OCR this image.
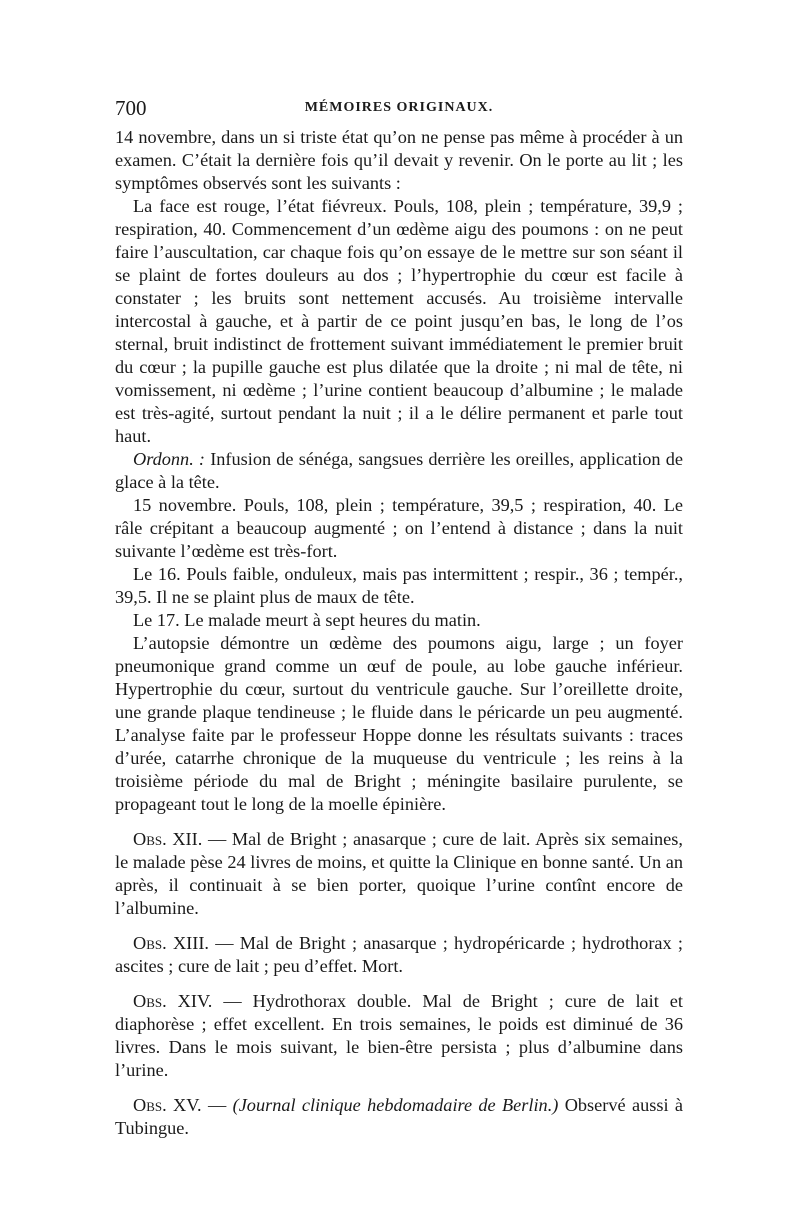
700	MÉMOIRES ORIGINAUX.

14 novembre, dans un si triste état qu’on ne pense pas même à procéder à un examen. C’était la dernière fois qu’il devait y revenir. On le porte au lit ; les symptômes observés sont les suivants :

La face est rouge, l’état fiévreux. Pouls, 108, plein ; température, 39,9 ; respiration, 40. Commencement d’un œdème aigu des poumons : on ne peut faire l’auscultation, car chaque fois qu’on essaye de le mettre sur son séant il se plaint de fortes douleurs au dos ; l’hypertrophie du cœur est facile à constater ; les bruits sont nettement accusés. Au troisième intervalle intercostal à gauche, et à partir de ce point jusqu’en bas, le long de l’os sternal, bruit indistinct de frottement suivant immédiatement le premier bruit du cœur ; la pupille gauche est plus dilatée que la droite ; ni mal de tête, ni vomissement, ni œdème ; l’urine contient beaucoup d’albumine ; le malade est très-agité, surtout pendant la nuit ; il a le délire permanent et parle tout haut.

Ordonn. : Infusion de sénéga, sangsues derrière les oreilles, application de glace à la tête.

15 novembre. Pouls, 108, plein ; température, 39,5 ; respiration, 40. Le râle crépitant a beaucoup augmenté ; on l’entend à distance ; dans la nuit suivante l’œdème est très-fort.

Le 16. Pouls faible, onduleux, mais pas intermittent ; respir., 36 ; tempér., 39,5. Il ne se plaint plus de maux de tête.

Le 17. Le malade meurt à sept heures du matin.

L’autopsie démontre un œdème des poumons aigu, large ; un foyer pneumonique grand comme un œuf de poule, au lobe gauche inférieur. Hypertrophie du cœur, surtout du ventricule gauche. Sur l’oreillette droite, une grande plaque tendineuse ; le fluide dans le péricarde un peu augmenté. L’analyse faite par le professeur Hoppe donne les résultats suivants : traces d’urée, catarrhe chronique de la muqueuse du ventricule ; les reins à la troisième période du mal de Bright ; méningite basilaire purulente, se propageant tout le long de la moelle épinière.

Obs. XII. — Mal de Bright ; anasarque ; cure de lait. Après six semaines, le malade pèse 24 livres de moins, et quitte la Clinique en bonne santé. Un an après, il continuait à se bien porter, quoique l’urine contînt encore de l’albumine.

Obs. XIII. — Mal de Bright ; anasarque ; hydropéricarde ; hydrothorax ; ascites ; cure de lait ; peu d’effet. Mort.

Obs. XIV. — Hydrothorax double. Mal de Bright ; cure de lait et diaphorèse ; effet excellent. En trois semaines, le poids est diminué de 36 livres. Dans le mois suivant, le bien-être persista ; plus d’albumine dans l’urine.

Obs. XV. — (Journal clinique hebdomadaire de Berlin.) Observé aussi à Tubingue.
